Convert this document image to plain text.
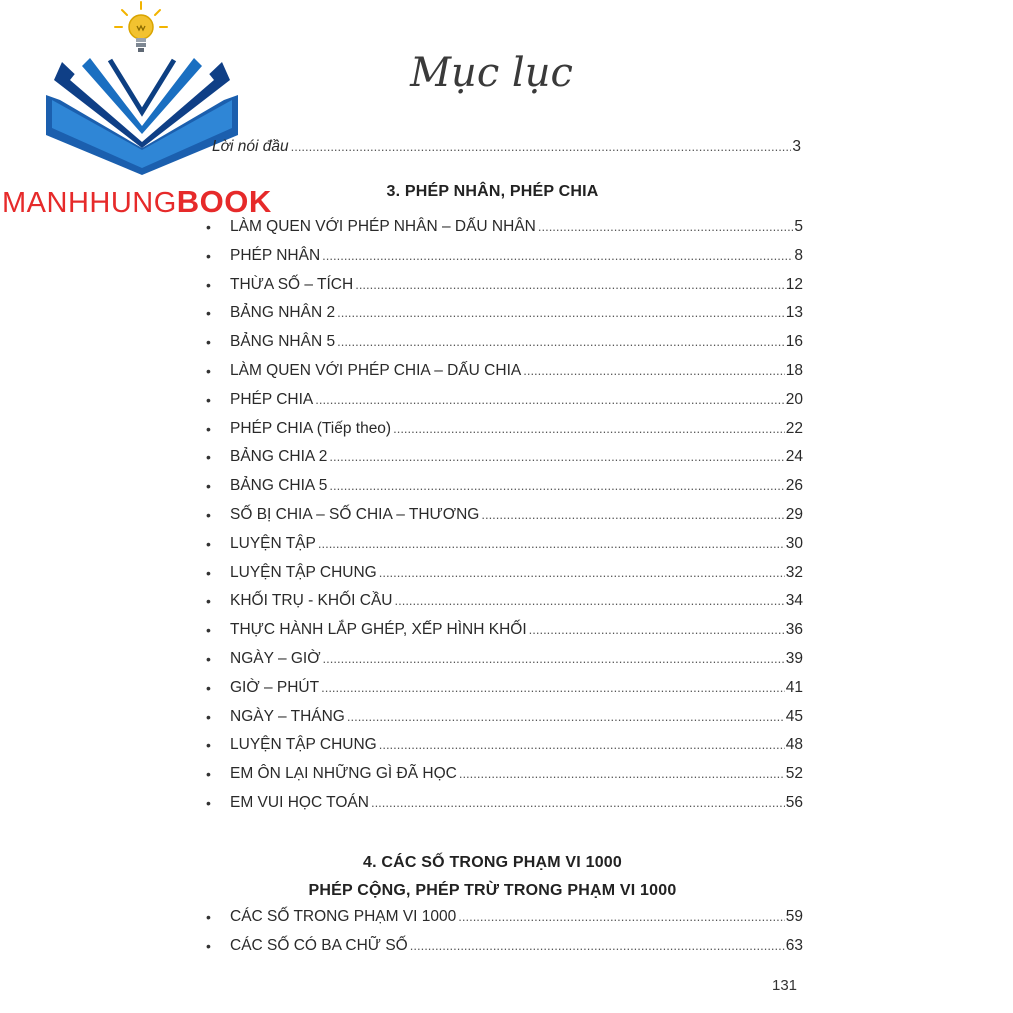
MANHHUNGBOOK
Mục lục
Lời nói đầu .....	3
3. PHÉP NHÂN, PHÉP CHIA
• LÀM QUEN VỚI PHÉP NHÂN – DẤU NHÂN .....	5
• PHÉP NHÂN .....	8
• THỪA SỐ – TÍCH .....	12
• BẢNG NHÂN 2 .....	13
• BẢNG NHÂN 5 .....	16
• LÀM QUEN VỚI PHÉP CHIA – DẤU CHIA .....	18
• PHÉP CHIA .....	20
• PHÉP CHIA (Tiếp theo) .....	22
• BẢNG CHIA 2 .....	24
• BẢNG CHIA 5 .....	26
• SỐ BỊ CHIA – SỐ CHIA – THƯƠNG .....	29
• LUYỆN TẬP .....	30
• LUYỆN TẬP CHUNG .....	32
• KHỐI TRỤ - KHỐI CẦU .....	34
• THỰC HÀNH LẮP GHÉP, XẾP HÌNH KHỐI .....	36
• NGÀY – GIỜ .....	39
• GIỜ – PHÚT .....	41
• NGÀY – THÁNG .....	45
• LUYỆN TẬP CHUNG .....	48
• EM ÔN LẠI NHỮNG GÌ ĐÃ HỌC .....	52
• EM VUI HỌC TOÁN .....	56
4. CÁC SỐ TRONG PHẠM VI 1000
PHÉP CỘNG, PHÉP TRỪ TRONG PHẠM VI 1000
• CÁC SỐ TRONG PHẠM VI 1000 .....	59
• CÁC SỐ CÓ BA CHỮ SỐ .....	63
131
